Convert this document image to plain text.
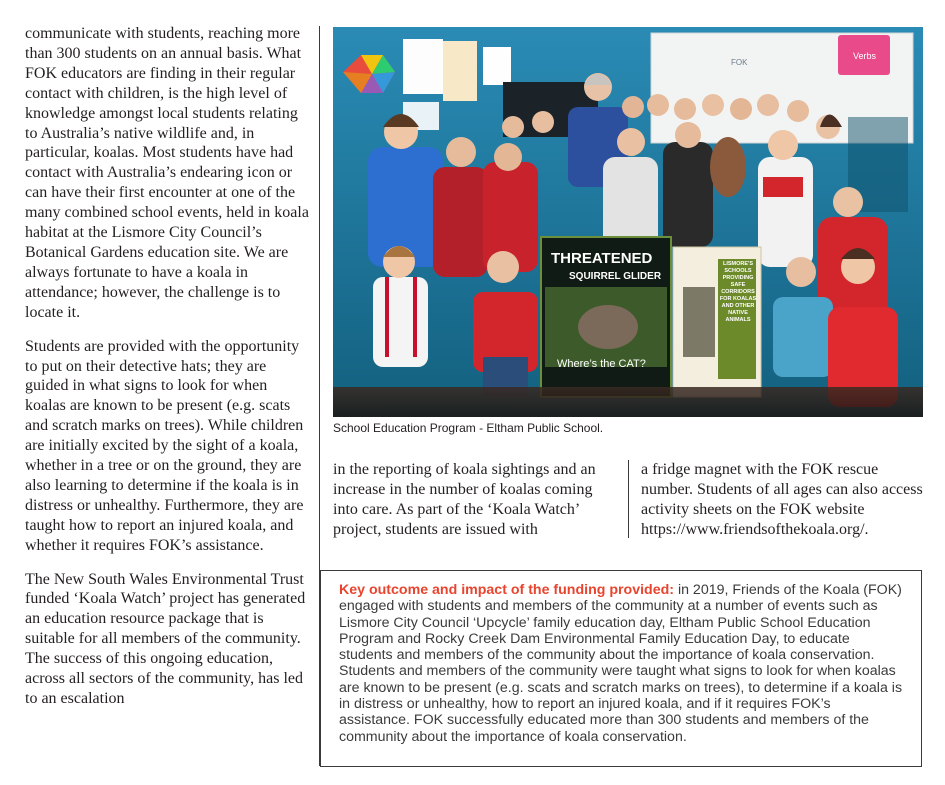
communicate with students, reaching more than 300 students on an annual basis. What FOK educators are finding in their regular contact with children, is the high level of knowledge amongst local students relating to Australia’s native wildlife and, in particular, koalas. Most students have had contact with Australia’s endearing icon or can have their first encounter at one of the many combined school events, held in koala habitat at the Lismore City Council’s Botanical Gardens education site. We are always fortunate to have a koala in attendance; however, the challenge is to locate it.

Students are provided with the opportunity to put on their detective hats; they are guided in what signs to look for when koalas are known to be present (e.g. scats and scratch marks on trees). While children are initially excited by the sight of a koala, whether in a tree or on the ground, they are also learning to determine if the koala is in distress or unhealthy. Furthermore, they are taught how to report an injured koala, and whether it requires FOK’s assistance.

The New South Wales Environmental Trust funded ‘Koala Watch’ project has generated an education resource package that is suitable for all members of the community. The success of this ongoing education, across all sectors of the community, has led to an escalation

FOK
Verbs
THREATENED
SQUIRREL GLIDER
Where’s the CAT?
LISMORE'S SCHOOLS PROVIDING SAFE CORRIDORS FOR KOALAS AND OTHER NATIVE ANIMALS
School Education Program - Eltham Public School.
in the reporting of koala sightings and an increase in the number of koalas coming into care. As part of the ‘Koala Watch’ project, students are issued with
a fridge magnet with the FOK rescue number. Students of all ages can also access activity sheets on the FOK website https://www.friendsofthekoala.org/.
Key outcome and impact of the funding provided: in 2019, Friends of the Koala (FOK) engaged with students and members of the community at a number of events such as Lismore City Council ‘Upcycle’ family education day, Eltham Public School Education Program and Rocky Creek Dam Environmental Family Education Day, to educate students and members of the community about the importance of koala conservation. Students and members of the community were taught what signs to look for when koalas are known to be present (e.g. scats and scratch marks on trees), to determine if a koala is in distress or unhealthy, how to report an injured koala, and if it requires FOK’s assistance. FOK successfully educated more than 300 students and members of the community about the importance of koala conservation.
